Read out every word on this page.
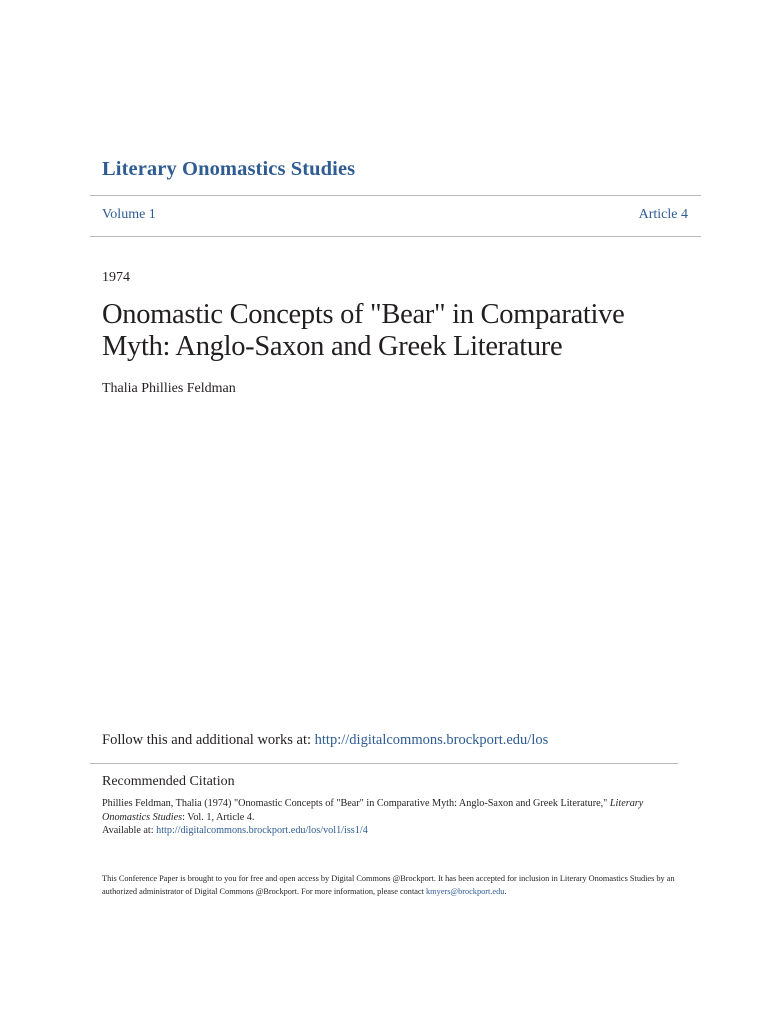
Literary Onomastics Studies
Volume 1	Article 4
1974
Onomastic Concepts of "Bear" in Comparative Myth: Anglo-Saxon and Greek Literature
Thalia Phillies Feldman
Follow this and additional works at: http://digitalcommons.brockport.edu/los
Recommended Citation
Phillies Feldman, Thalia (1974) "Onomastic Concepts of "Bear" in Comparative Myth: Anglo-Saxon and Greek Literature," Literary Onomastics Studies: Vol. 1, Article 4.
Available at: http://digitalcommons.brockport.edu/los/vol1/iss1/4
This Conference Paper is brought to you for free and open access by Digital Commons @Brockport. It has been accepted for inclusion in Literary Onomastics Studies by an authorized administrator of Digital Commons @Brockport. For more information, please contact kmyers@brockport.edu.
